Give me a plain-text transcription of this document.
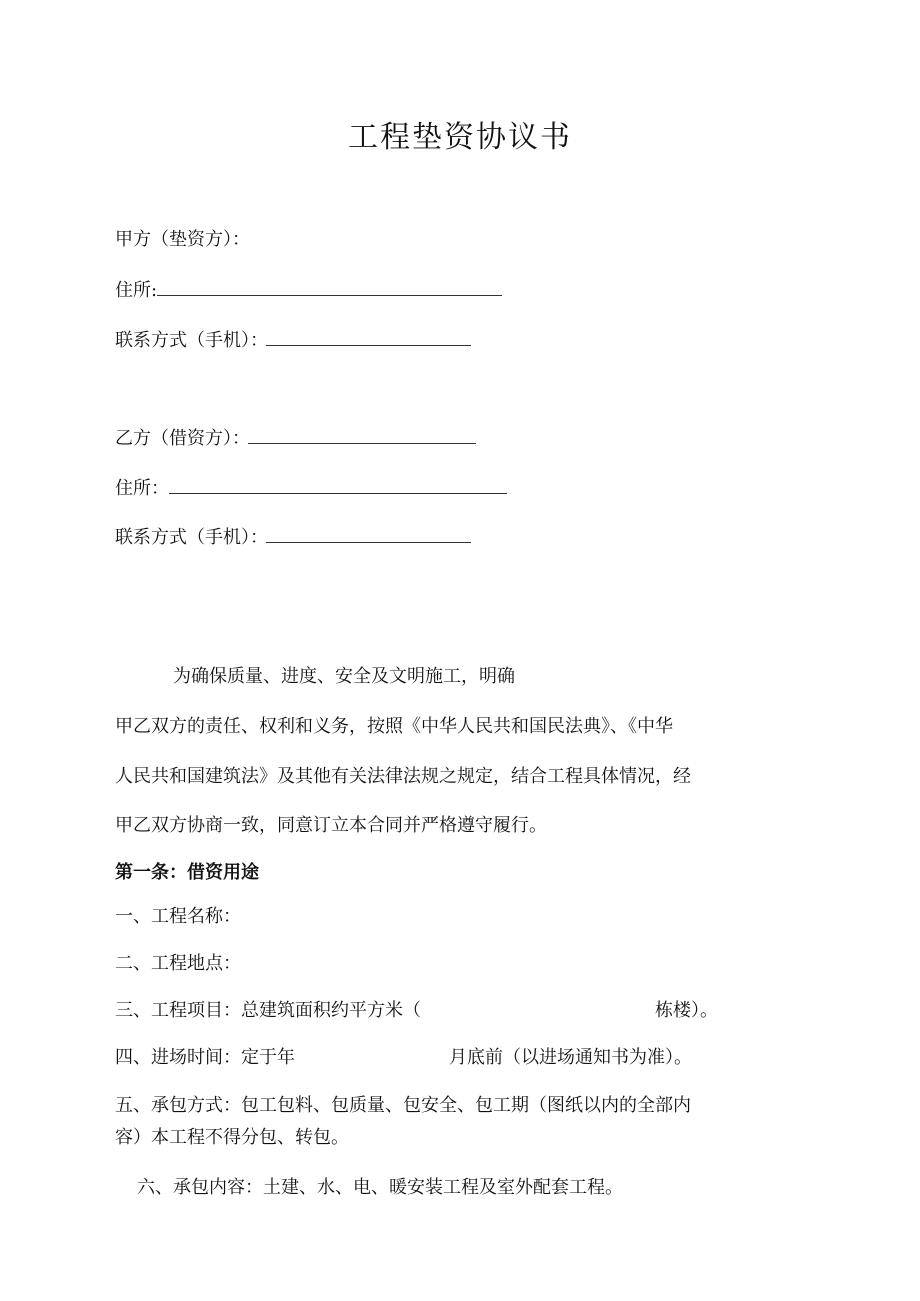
工程垫资协议书
甲方（垫资方）：
住所:
联系方式（手机）：
乙方（借资方）：
住所：
联系方式（手机）：
为确保质量、进度、安全及文明施工，明确
甲乙双方的责任、权利和义务，按照《中华人民共和国民法典》、《中华
人民共和国建筑法》及其他有关法律法规之规定，结合工程具体情况，经
甲乙双方协商一致，同意订立本合同并严格遵守履行。
第一条：借资用途
一、工程名称：
二、工程地点：
三、工程项目：总建筑面积约平方米（	栋楼）。
四、进场时间：定于年	月底前（以进场通知书为准）。
五、承包方式：包工包料、包质量、包安全、包工期（图纸以内的全部内
容）本工程不得分包、转包。
六、承包内容：土建、水、电、暖安装工程及室外配套工程。
